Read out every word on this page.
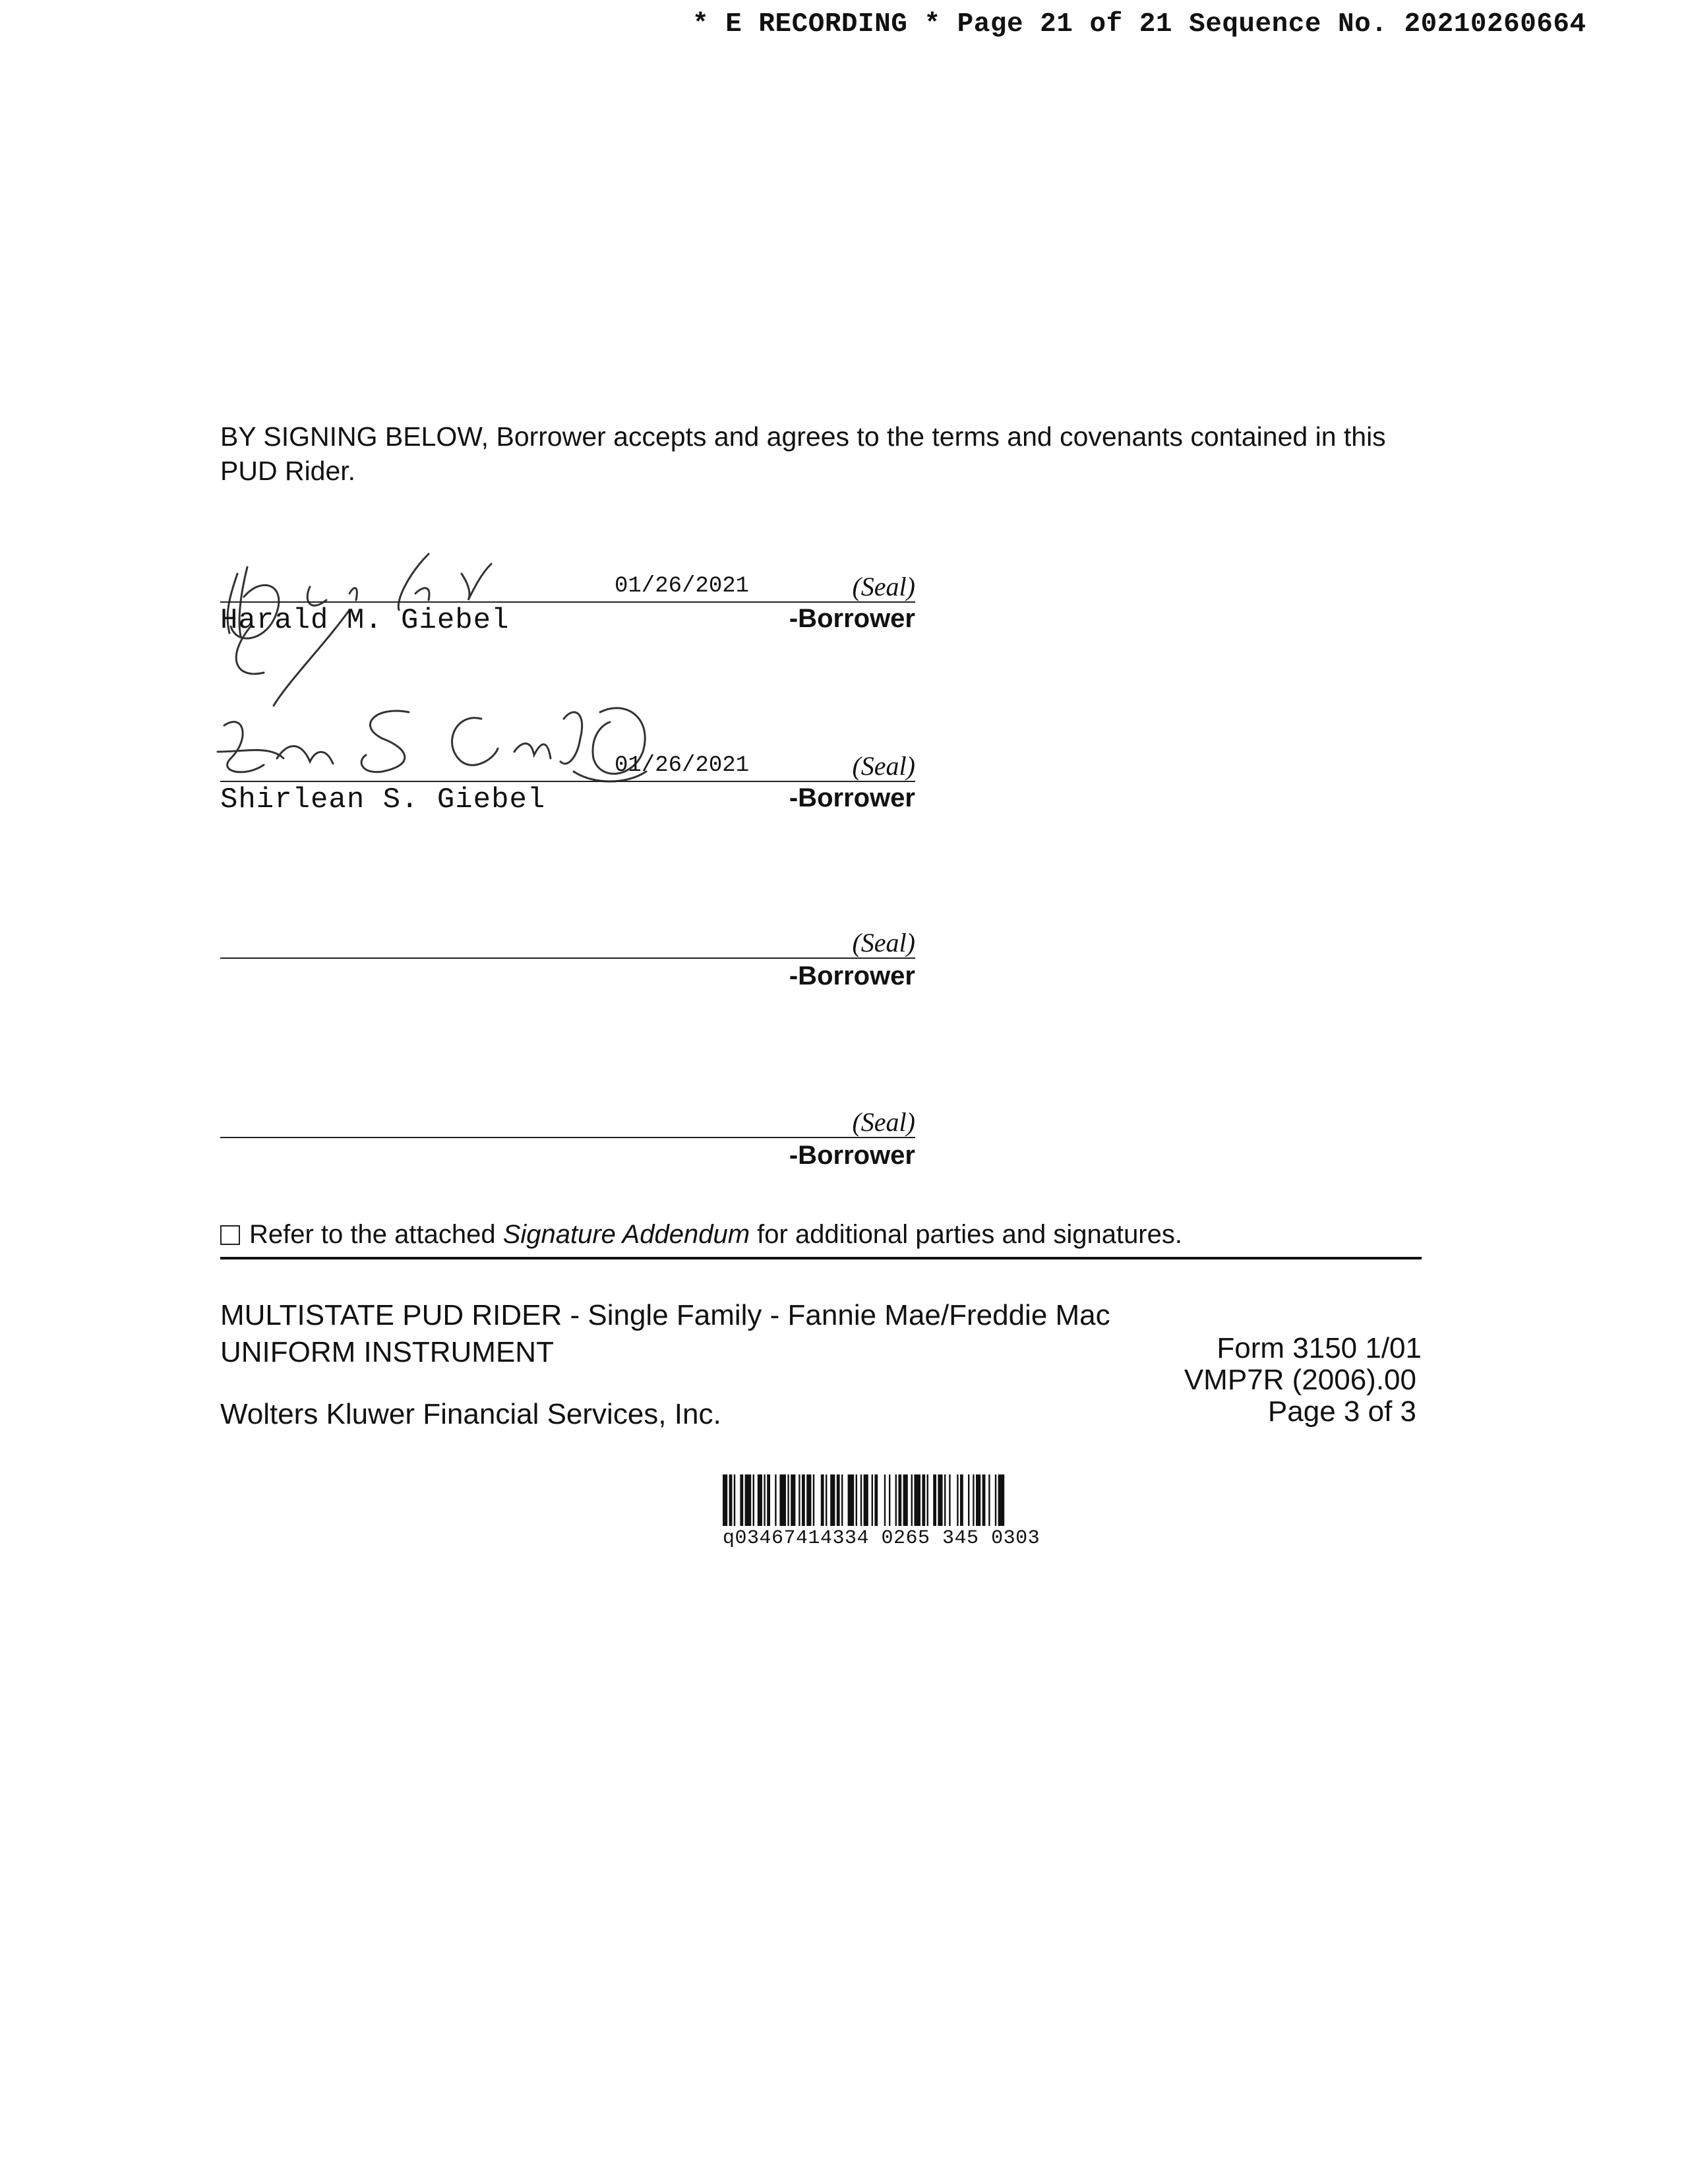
* E RECORDING * Page 21 of 21 Sequence No. 20210260664
BY SIGNING BELOW, Borrower accepts and agrees to the terms and covenants contained in this PUD Rider.
01/26/2021	(Seal)
Harald M. Giebel	-Borrower
01/26/2021	(Seal)
Shirlean S. Giebel	-Borrower
(Seal)
-Borrower
(Seal)
-Borrower
Refer to the attached Signature Addendum for additional parties and signatures.
MULTISTATE PUD RIDER - Single Family - Fannie Mae/Freddie Mac
UNIFORM INSTRUMENT
Wolters Kluwer Financial Services, Inc.
Form 3150 1/01
VMP7R (2006).00
Page 3 of 3
q03467414334 0265 345 0303
